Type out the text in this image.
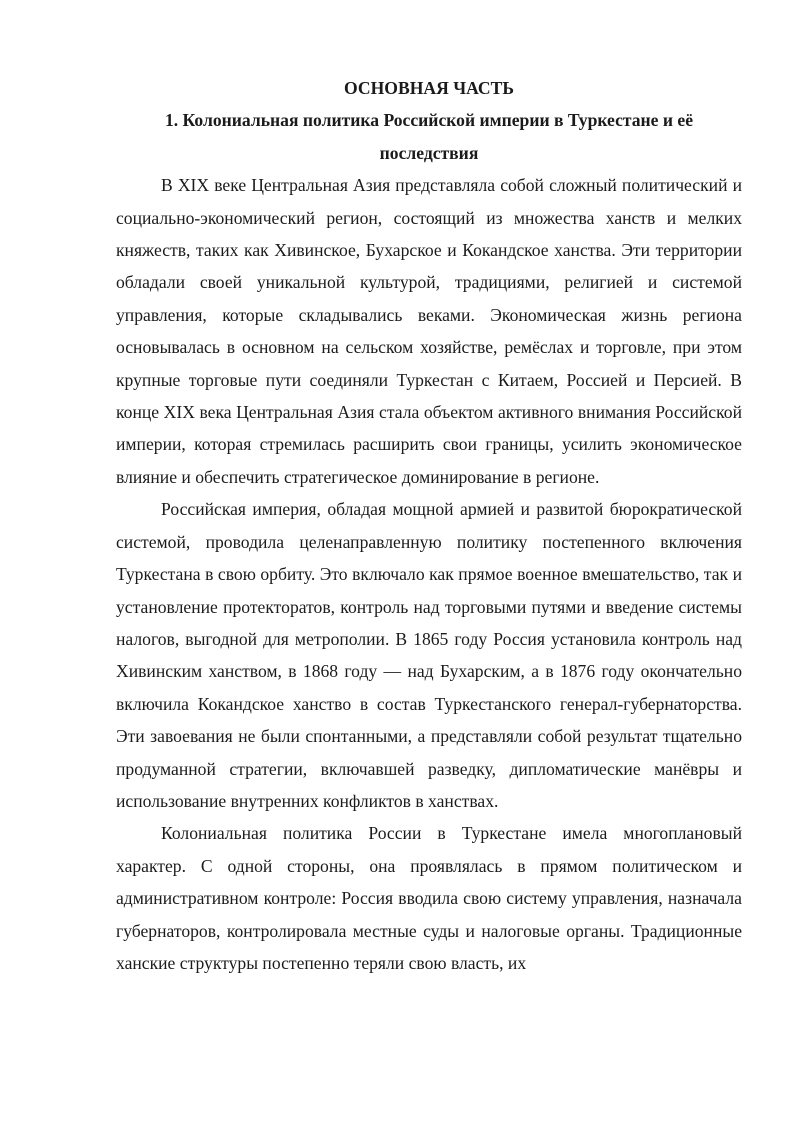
ОСНОВНАЯ ЧАСТЬ

1. Колониальная политика Российской империи в Туркестане и её последствия

В XIX веке Центральная Азия представляла собой сложный политический и социально-экономический регион, состоящий из множества ханств и мелких княжеств, таких как Хивинское, Бухарское и Кокандское ханства. Эти территории обладали своей уникальной культурой, традициями, религией и системой управления, которые складывались веками. Экономическая жизнь региона основывалась в основном на сельском хозяйстве, ремёслах и торговле, при этом крупные торговые пути соединяли Туркестан с Китаем, Россией и Персией. В конце XIX века Центральная Азия стала объектом активного внимания Российской империи, которая стремилась расширить свои границы, усилить экономическое влияние и обеспечить стратегическое доминирование в регионе.

Российская империя, обладая мощной армией и развитой бюрократической системой, проводила целенаправленную политику постепенного включения Туркестана в свою орбиту. Это включало как прямое военное вмешательство, так и установление протекторатов, контроль над торговыми путями и введение системы налогов, выгодной для метрополии. В 1865 году Россия установила контроль над Хивинским ханством, в 1868 году — над Бухарским, а в 1876 году окончательно включила Кокандское ханство в состав Туркестанского генерал-губернаторства. Эти завоевания не были спонтанными, а представляли собой результат тщательно продуманной стратегии, включавшей разведку, дипломатические манёвры и использование внутренних конфликтов в ханствах.

Колониальная политика России в Туркестане имела многоплановый характер. С одной стороны, она проявлялась в прямом политическом и административном контроле: Россия вводила свою систему управления, назначала губернаторов, контролировала местные суды и налоговые органы. Традиционные ханские структуры постепенно теряли свою власть, их
